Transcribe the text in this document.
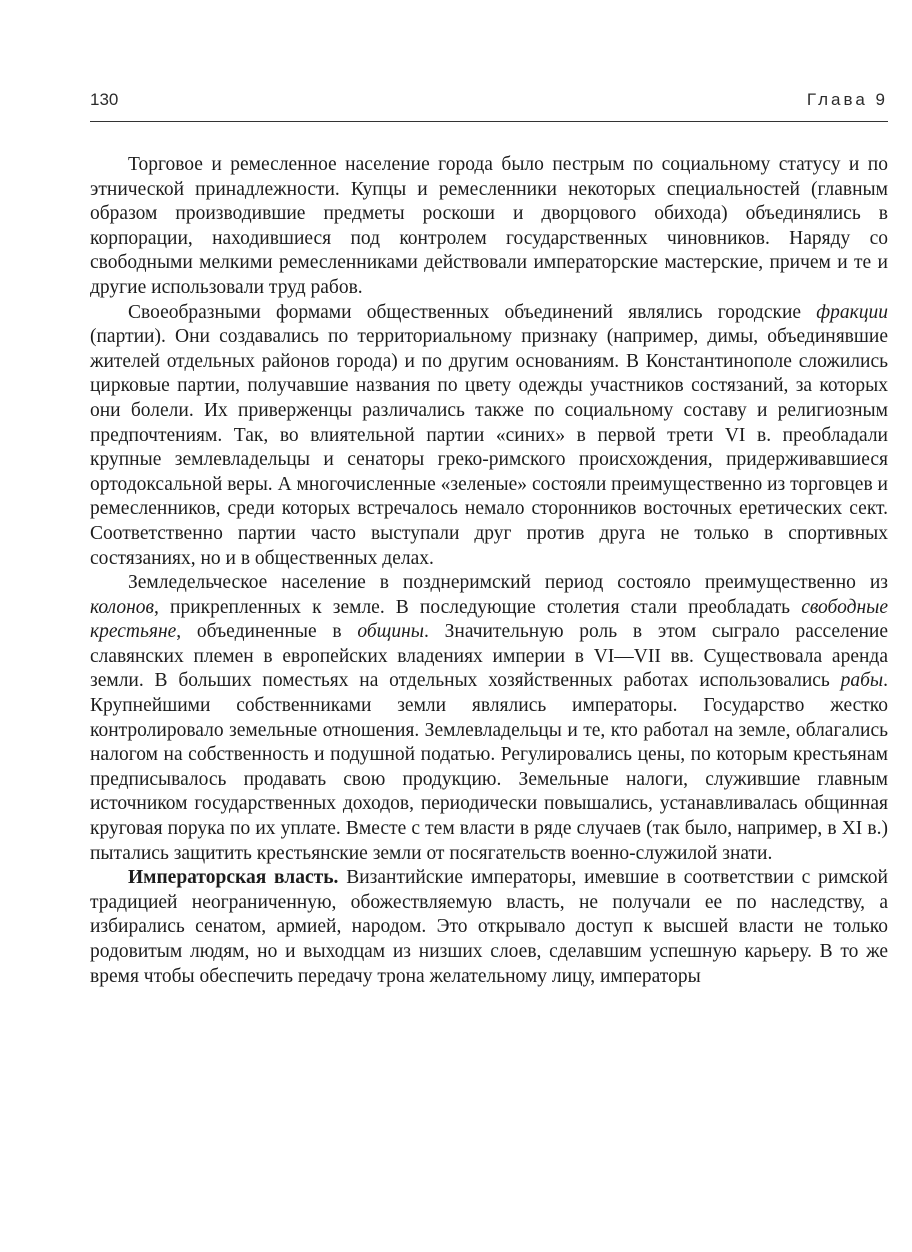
130	Глава 9

Торговое и ремесленное население города было пестрым по социальному статусу и по этнической принадлежности. Купцы и ремесленники некоторых специальностей (главным образом производившие предметы роскоши и дворцового обихода) объединялись в корпорации, находившиеся под контролем государственных чиновников. Наряду со свободными мелкими ремесленниками действовали императорские мастерские, причем и те и другие использовали труд рабов.

Своеобразными формами общественных объединений являлись городские фракции (партии). Они создавались по территориальному признаку (например, димы, объединявшие жителей отдельных районов города) и по другим основаниям. В Константинополе сложились цирковые партии, получавшие названия по цвету одежды участников состязаний, за которых они болели. Их приверженцы различались также по социальному составу и религиозным предпочтениям. Так, во влиятельной партии «синих» в первой трети VI в. преобладали крупные землевладельцы и сенаторы греко-римского происхождения, придерживавшиеся ортодоксальной веры. А многочисленные «зеленые» состояли преимущественно из торговцев и ремесленников, среди которых встречалось немало сторонников восточных еретических сект. Соответственно партии часто выступали друг против друга не только в спортивных состязаниях, но и в общественных делах.

Земледельческое население в позднеримский период состояло преимущественно из колонов, прикрепленных к земле. В последующие столетия стали преобладать свободные крестьяне, объединенные в общины. Значительную роль в этом сыграло расселение славянских племен в европейских владениях империи в VI—VII вв. Существовала аренда земли. В больших поместьях на отдельных хозяйственных работах использовались рабы. Крупнейшими собственниками земли являлись императоры. Государство жестко контролировало земельные отношения. Землевладельцы и те, кто работал на земле, облагались налогом на собственность и подушной податью. Регулировались цены, по которым крестьянам предписывалось продавать свою продукцию. Земельные налоги, служившие главным источником государственных доходов, периодически повышались, устанавливалась общинная круговая порука по их уплате. Вместе с тем власти в ряде случаев (так было, например, в XI в.) пытались защитить крестьянские земли от посягательств военно-служилой знати.

Императорская власть. Византийские императоры, имевшие в соответствии с римской традицией неограниченную, обожествляемую власть, не получали ее по наследству, а избирались сенатом, армией, народом. Это открывало доступ к высшей власти не только родовитым людям, но и выходцам из низших слоев, сделавшим успешную карьеру. В то же время чтобы обеспечить передачу трона желательному лицу, императоры
